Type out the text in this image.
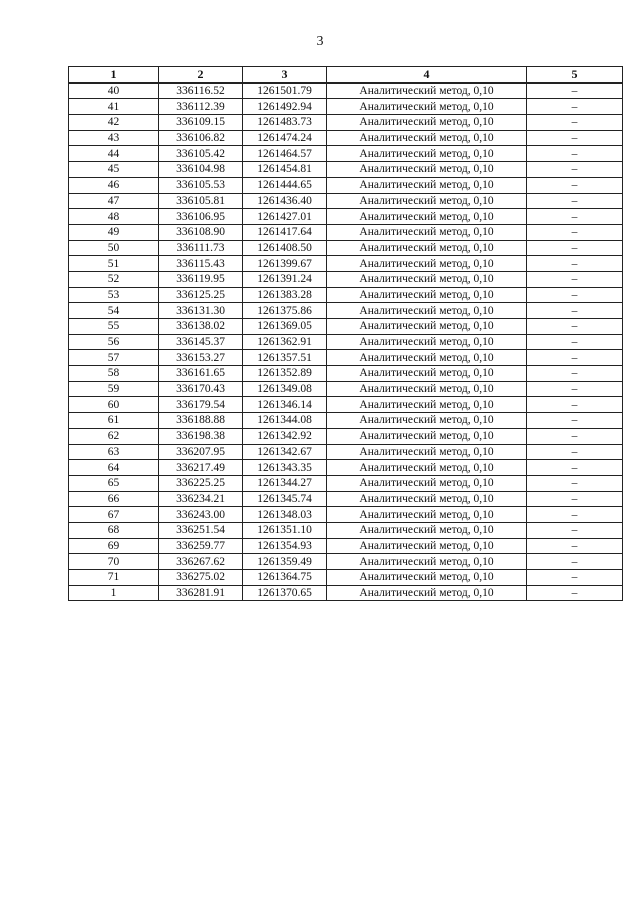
3
1	2	3	4	5
40	336116.52	1261501.79	Аналитический метод, 0,10	–
41	336112.39	1261492.94	Аналитический метод, 0,10	–
42	336109.15	1261483.73	Аналитический метод, 0,10	–
43	336106.82	1261474.24	Аналитический метод, 0,10	–
44	336105.42	1261464.57	Аналитический метод, 0,10	–
45	336104.98	1261454.81	Аналитический метод, 0,10	–
46	336105.53	1261444.65	Аналитический метод, 0,10	–
47	336105.81	1261436.40	Аналитический метод, 0,10	–
48	336106.95	1261427.01	Аналитический метод, 0,10	–
49	336108.90	1261417.64	Аналитический метод, 0,10	–
50	336111.73	1261408.50	Аналитический метод, 0,10	–
51	336115.43	1261399.67	Аналитический метод, 0,10	–
52	336119.95	1261391.24	Аналитический метод, 0,10	–
53	336125.25	1261383.28	Аналитический метод, 0,10	–
54	336131.30	1261375.86	Аналитический метод, 0,10	–
55	336138.02	1261369.05	Аналитический метод, 0,10	–
56	336145.37	1261362.91	Аналитический метод, 0,10	–
57	336153.27	1261357.51	Аналитический метод, 0,10	–
58	336161.65	1261352.89	Аналитический метод, 0,10	–
59	336170.43	1261349.08	Аналитический метод, 0,10	–
60	336179.54	1261346.14	Аналитический метод, 0,10	–
61	336188.88	1261344.08	Аналитический метод, 0,10	–
62	336198.38	1261342.92	Аналитический метод, 0,10	–
63	336207.95	1261342.67	Аналитический метод, 0,10	–
64	336217.49	1261343.35	Аналитический метод, 0,10	–
65	336225.25	1261344.27	Аналитический метод, 0,10	–
66	336234.21	1261345.74	Аналитический метод, 0,10	–
67	336243.00	1261348.03	Аналитический метод, 0,10	–
68	336251.54	1261351.10	Аналитический метод, 0,10	–
69	336259.77	1261354.93	Аналитический метод, 0,10	–
70	336267.62	1261359.49	Аналитический метод, 0,10	–
71	336275.02	1261364.75	Аналитический метод, 0,10	–
1	336281.91	1261370.65	Аналитический метод, 0,10	–
